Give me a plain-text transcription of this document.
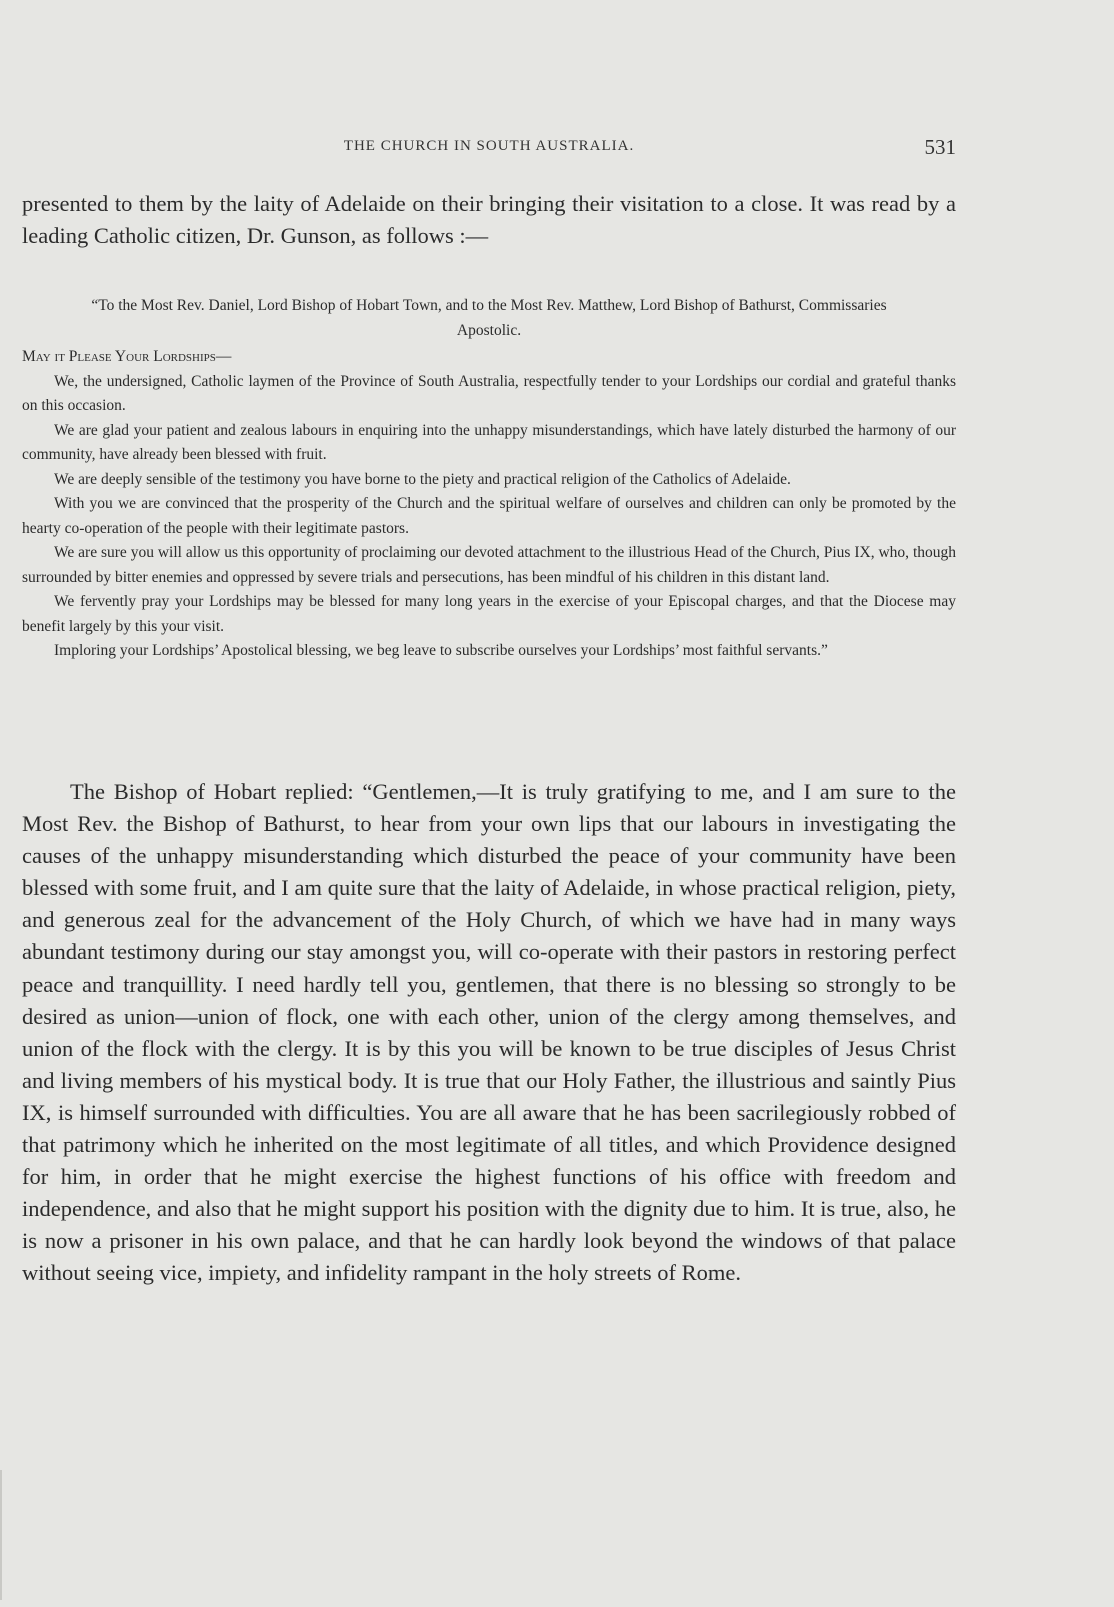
THE CHURCH IN SOUTH AUSTRALIA.	531

presented to them by the laity of Adelaide on their bringing their visitation to a close. It was read by a leading Catholic citizen, Dr. Gunson, as follows :—

“To the Most Rev. Daniel, Lord Bishop of Hobart Town, and to the Most Rev. Matthew, Lord Bishop of Bathurst, Commissaries Apostolic.

May it Please Your Lordships—

We, the undersigned, Catholic laymen of the Province of South Australia, respectfully tender to your Lordships our cordial and grateful thanks on this occasion.

We are glad your patient and zealous labours in enquiring into the unhappy misunderstandings, which have lately disturbed the harmony of our community, have already been blessed with fruit.

We are deeply sensible of the testimony you have borne to the piety and practical religion of the Catholics of Adelaide.

With you we are convinced that the prosperity of the Church and the spiritual welfare of ourselves and children can only be promoted by the hearty co-operation of the people with their legitimate pastors.

We are sure you will allow us this opportunity of proclaiming our devoted attachment to the illustrious Head of the Church, Pius IX, who, though surrounded by bitter enemies and oppressed by severe trials and persecutions, has been mindful of his children in this distant land.

We fervently pray your Lordships may be blessed for many long years in the exercise of your Episcopal charges, and that the Diocese may benefit largely by this your visit.

Imploring your Lordships’ Apostolical blessing, we beg leave to subscribe ourselves your Lordships’ most faithful servants.”

The Bishop of Hobart replied: “Gentlemen,—It is truly gratifying to me, and I am sure to the Most Rev. the Bishop of Bathurst, to hear from your own lips that our labours in investigating the causes of the unhappy misunderstanding which disturbed the peace of your community have been blessed with some fruit, and I am quite sure that the laity of Adelaide, in whose practical religion, piety, and generous zeal for the advancement of the Holy Church, of which we have had in many ways abundant testimony during our stay amongst you, will co-operate with their pastors in restoring perfect peace and tranquillity. I need hardly tell you, gentlemen, that there is no blessing so strongly to be desired as union—union of flock, one with each other, union of the clergy among themselves, and union of the flock with the clergy. It is by this you will be known to be true disciples of Jesus Christ and living members of his mystical body. It is true that our Holy Father, the illustrious and saintly Pius IX, is himself surrounded with difficulties. You are all aware that he has been sacrilegiously robbed of that patrimony which he inherited on the most legitimate of all titles, and which Providence designed for him, in order that he might exercise the highest functions of his office with freedom and independence, and also that he might support his position with the dignity due to him. It is true, also, he is now a prisoner in his own palace, and that he can hardly look beyond the windows of that palace without seeing vice, impiety, and infidelity rampant in the holy streets of Rome.
